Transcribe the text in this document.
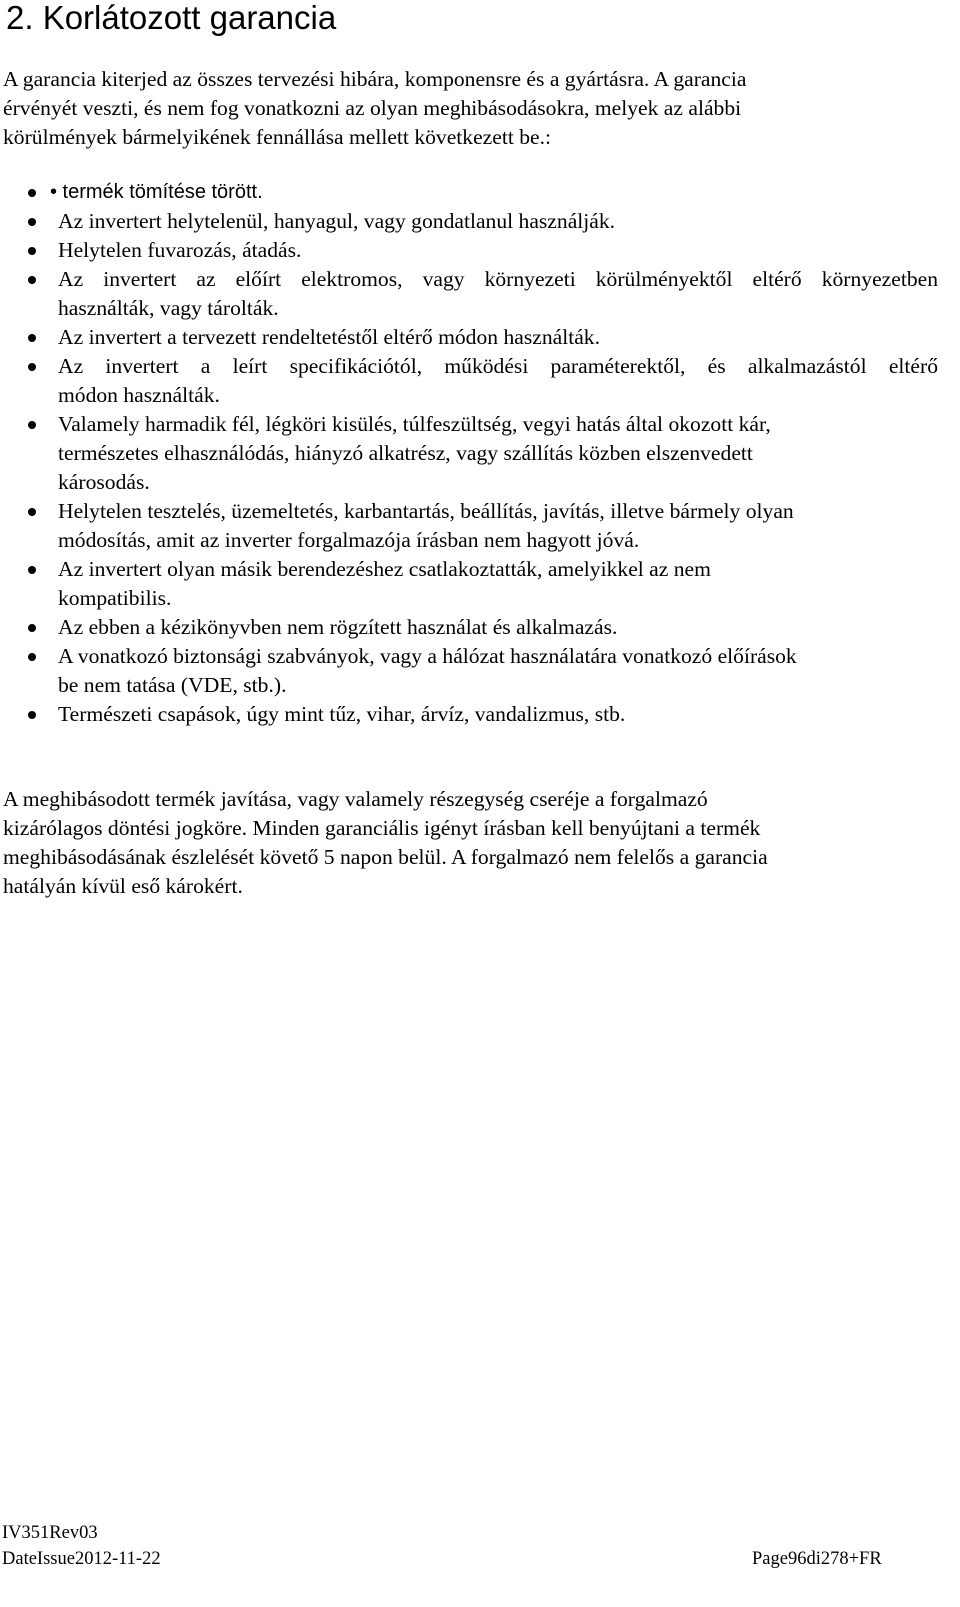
2. Korlátozott garancia

A garancia kiterjed az összes tervezési hibára, komponensre és a gyártásra. A garancia
érvényét veszti, és nem fog vonatkozni az olyan meghibásodásokra, melyek az alábbi
körülmények bármelyikének fennállása mellett következett be.:

• termék tömítése törött.
Az invertert helytelenül, hanyagul, vagy gondatlanul használják.
Helytelen fuvarozás, átadás.
Az invertert az előírt elektromos, vagy környezeti körülményektől eltérő környezetben
használták, vagy tárolták.
Az invertert a tervezett rendeltetéstől eltérő módon használták.
Az invertert a leírt specifikációtól, működési paraméterektől, és alkalmazástól eltérő
módon használták.
Valamely harmadik fél, légköri kisülés, túlfeszültség, vegyi hatás által okozott kár,
természetes elhasználódás, hiányzó alkatrész, vagy szállítás közben elszenvedett
károsodás.
Helytelen tesztelés, üzemeltetés, karbantartás, beállítás, javítás, illetve bármely olyan
módosítás, amit az inverter forgalmazója írásban nem hagyott jóvá.
Az invertert olyan másik berendezéshez csatlakoztatták, amelyikkel az nem
kompatibilis.
Az ebben a kézikönyvben nem rögzített használat és alkalmazás.
A vonatkozó biztonsági szabványok, vagy a hálózat használatára vonatkozó előírások
be nem tatása (VDE, stb.).
Természeti csapások, úgy mint tűz, vihar, árvíz, vandalizmus, stb.

A meghibásodott termék javítása, vagy valamely részegység cseréje a forgalmazó
kizárólagos döntési jogköre. Minden garanciális igényt írásban kell benyújtani a termék
meghibásodásának észlelését követő 5 napon belül. A forgalmazó nem felelős a garancia
hatályán kívül eső károkért.

IV351Rev03
DateIssue2012-11-22	Page96di278+FR
